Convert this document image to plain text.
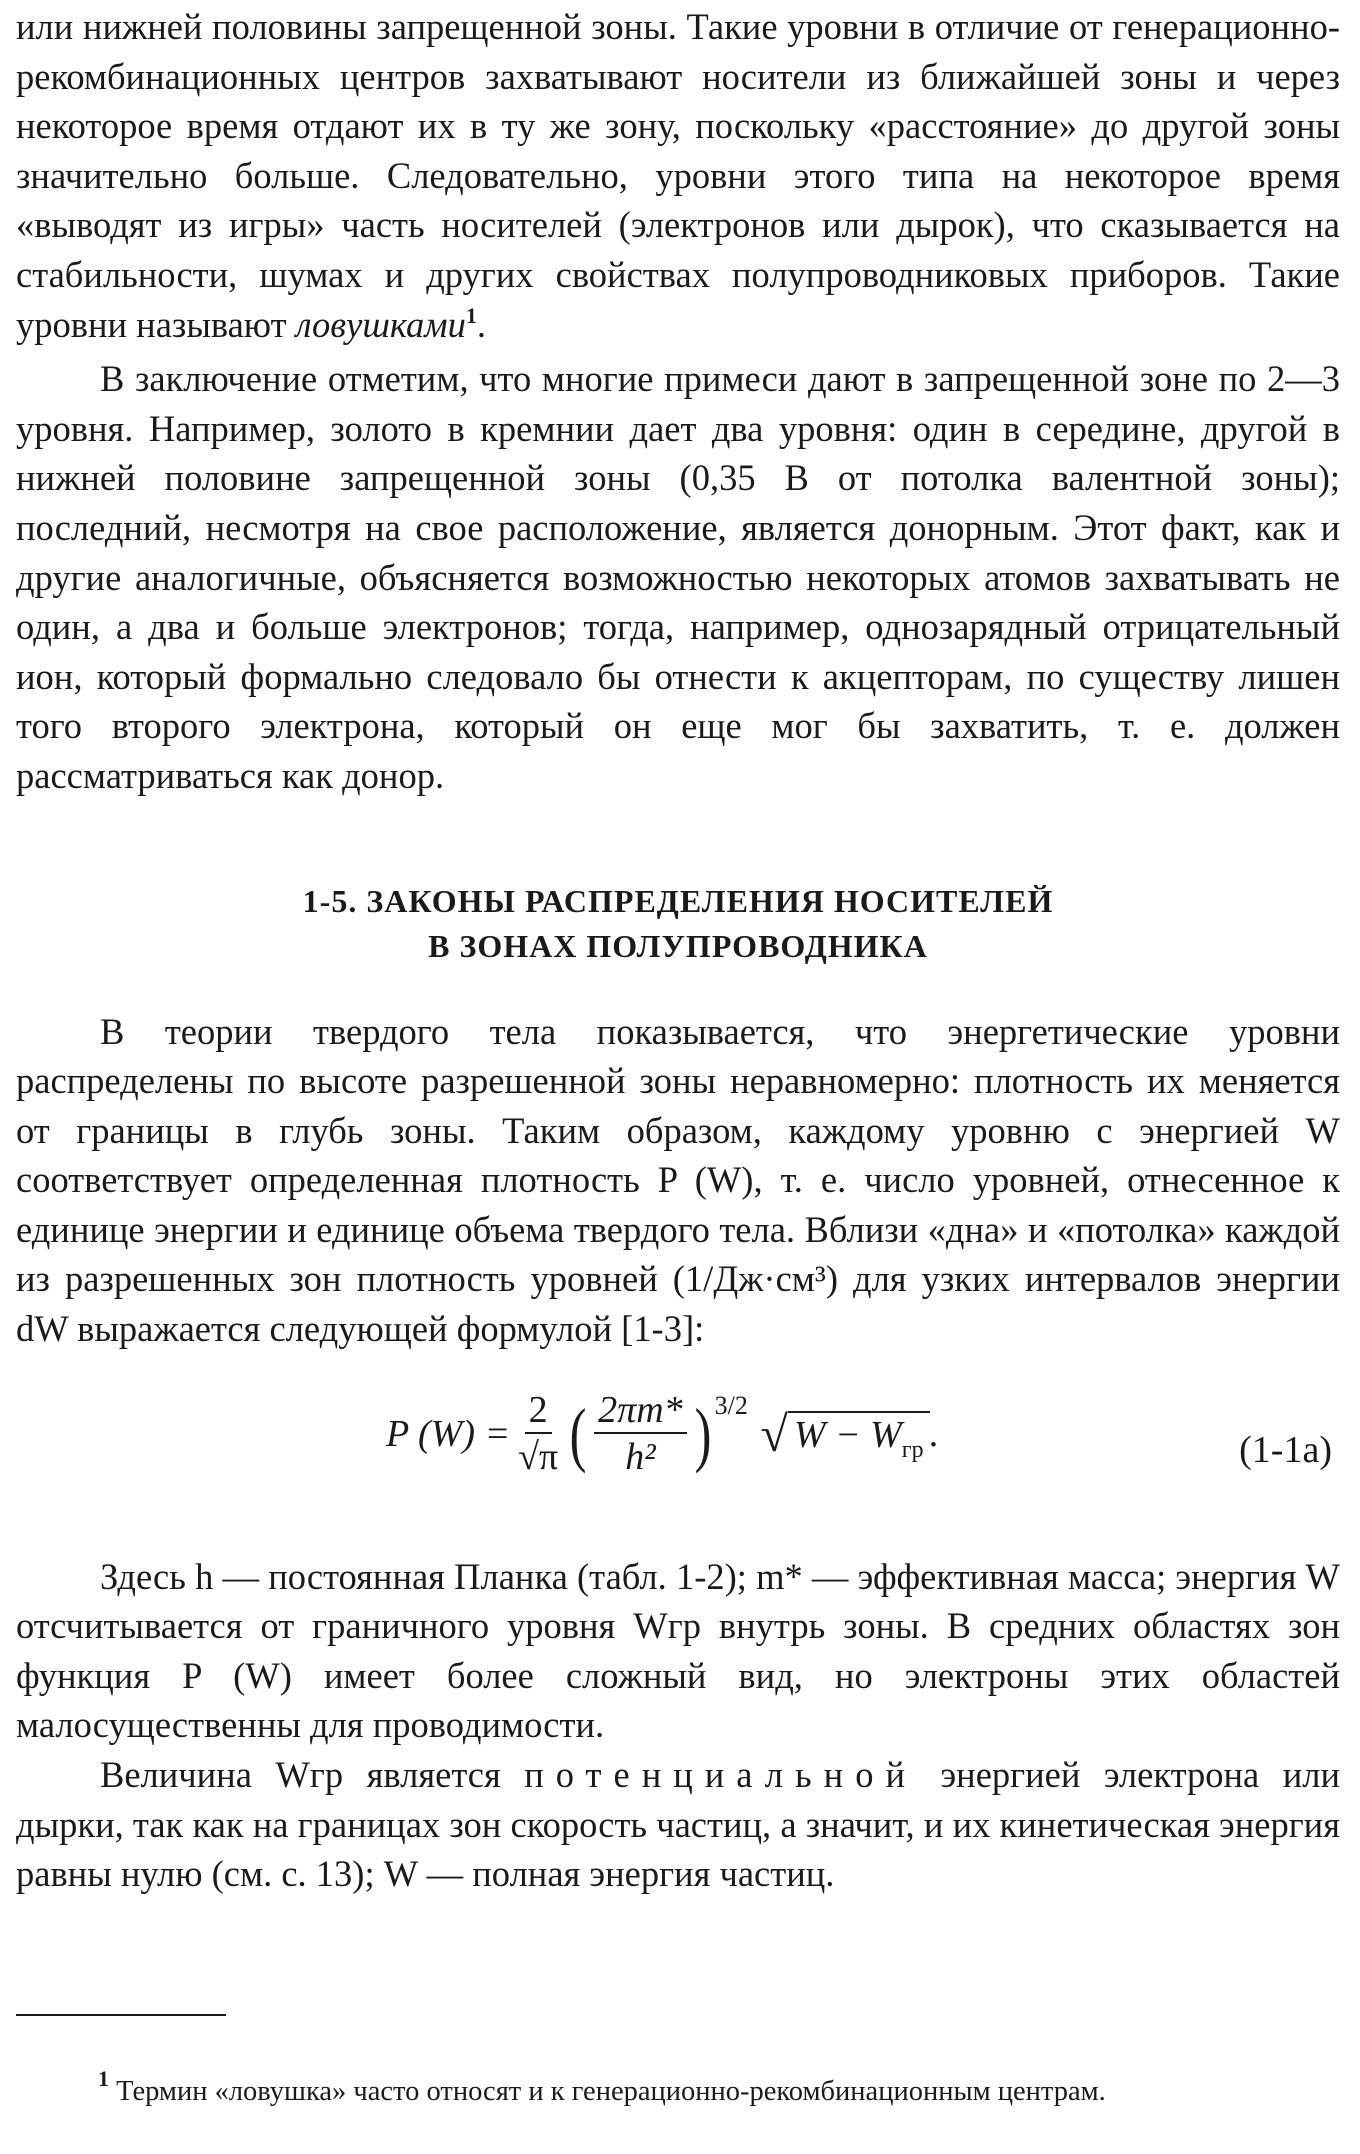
или нижней половины запрещенной зоны. Такие уровни в отличие от генерационно-рекомбинационных центров захватывают носители из ближайшей зоны и через некоторое время отдают их в ту же зону, поскольку «расстояние» до другой зоны значительно больше. Следовательно, уровни этого типа на некоторое время «выводят из игры» часть носителей (электронов или дырок), что сказывается на стабильности, шумах и других свойствах полупроводниковых приборов. Такие уровни называют ловушками$^1$.

В заключение отметим, что многие примеси дают в запрещенной зоне по 2—3 уровня. Например, золото в кремнии дает два уровня: один в середине, другой в нижней половине запрещенной зоны (0,35 В от потолка валентной зоны); последний, несмотря на свое расположение, является донорным. Этот факт, как и другие аналогичные, объясняется возможностью некоторых атомов захватывать не один, а два и больше электронов; тогда, например, однозарядный отрицательный ион, который формально следовало бы отнести к акцепторам, по существу лишен того второго электрона, который он еще мог бы захватить, т. е. должен рассматриваться как донор.

1-5. ЗАКОНЫ РАСПРЕДЕЛЕНИЯ НОСИТЕЛЕЙ

В ЗОНАХ ПОЛУПРОВОДНИКА

В теории твердого тела показывается, что энергетические уровни распределены по высоте разрешенной зоны неравномерно: плотность их меняется от границы в глубь зоны. Таким образом, каждому уровню с энергией W соответствует определенная плотность P (W), т. е. число уровней, отнесенное к единице энергии и единице объема твердого тела. Вблизи «дна» и «потолка» каждой из разрешенных зон плотность уровней (1/Дж·см³) для узких интервалов энергии dW выражается следующей формулой [1-3]:

P $(W) = \frac{2}{√\pi}$ ( $\frac{2\pi m*}{\text{h²}}$ ) 3/2
√ $W - W_{гр}$ .	(1-1а)

Здесь h — постоянная Планка (табл. 1-2); m* — эффективная масса; энергия W отсчитывается от граничного уровня Wгр внутрь зоны. В средних областях зон функция P (W) имеет более сложный вид, но электроны этих областей малосущественны для проводимости.

Величина Wгр является потенциальной энергией электрона или дырки, так как на границах зон скорость частиц, а значит, и их кинетическая энергия равны нулю (см. с. 13); W — полная энергия частиц.

$^1$ Термин «ловушка» часто относят и к генерационно-рекомбинационным центрам.
